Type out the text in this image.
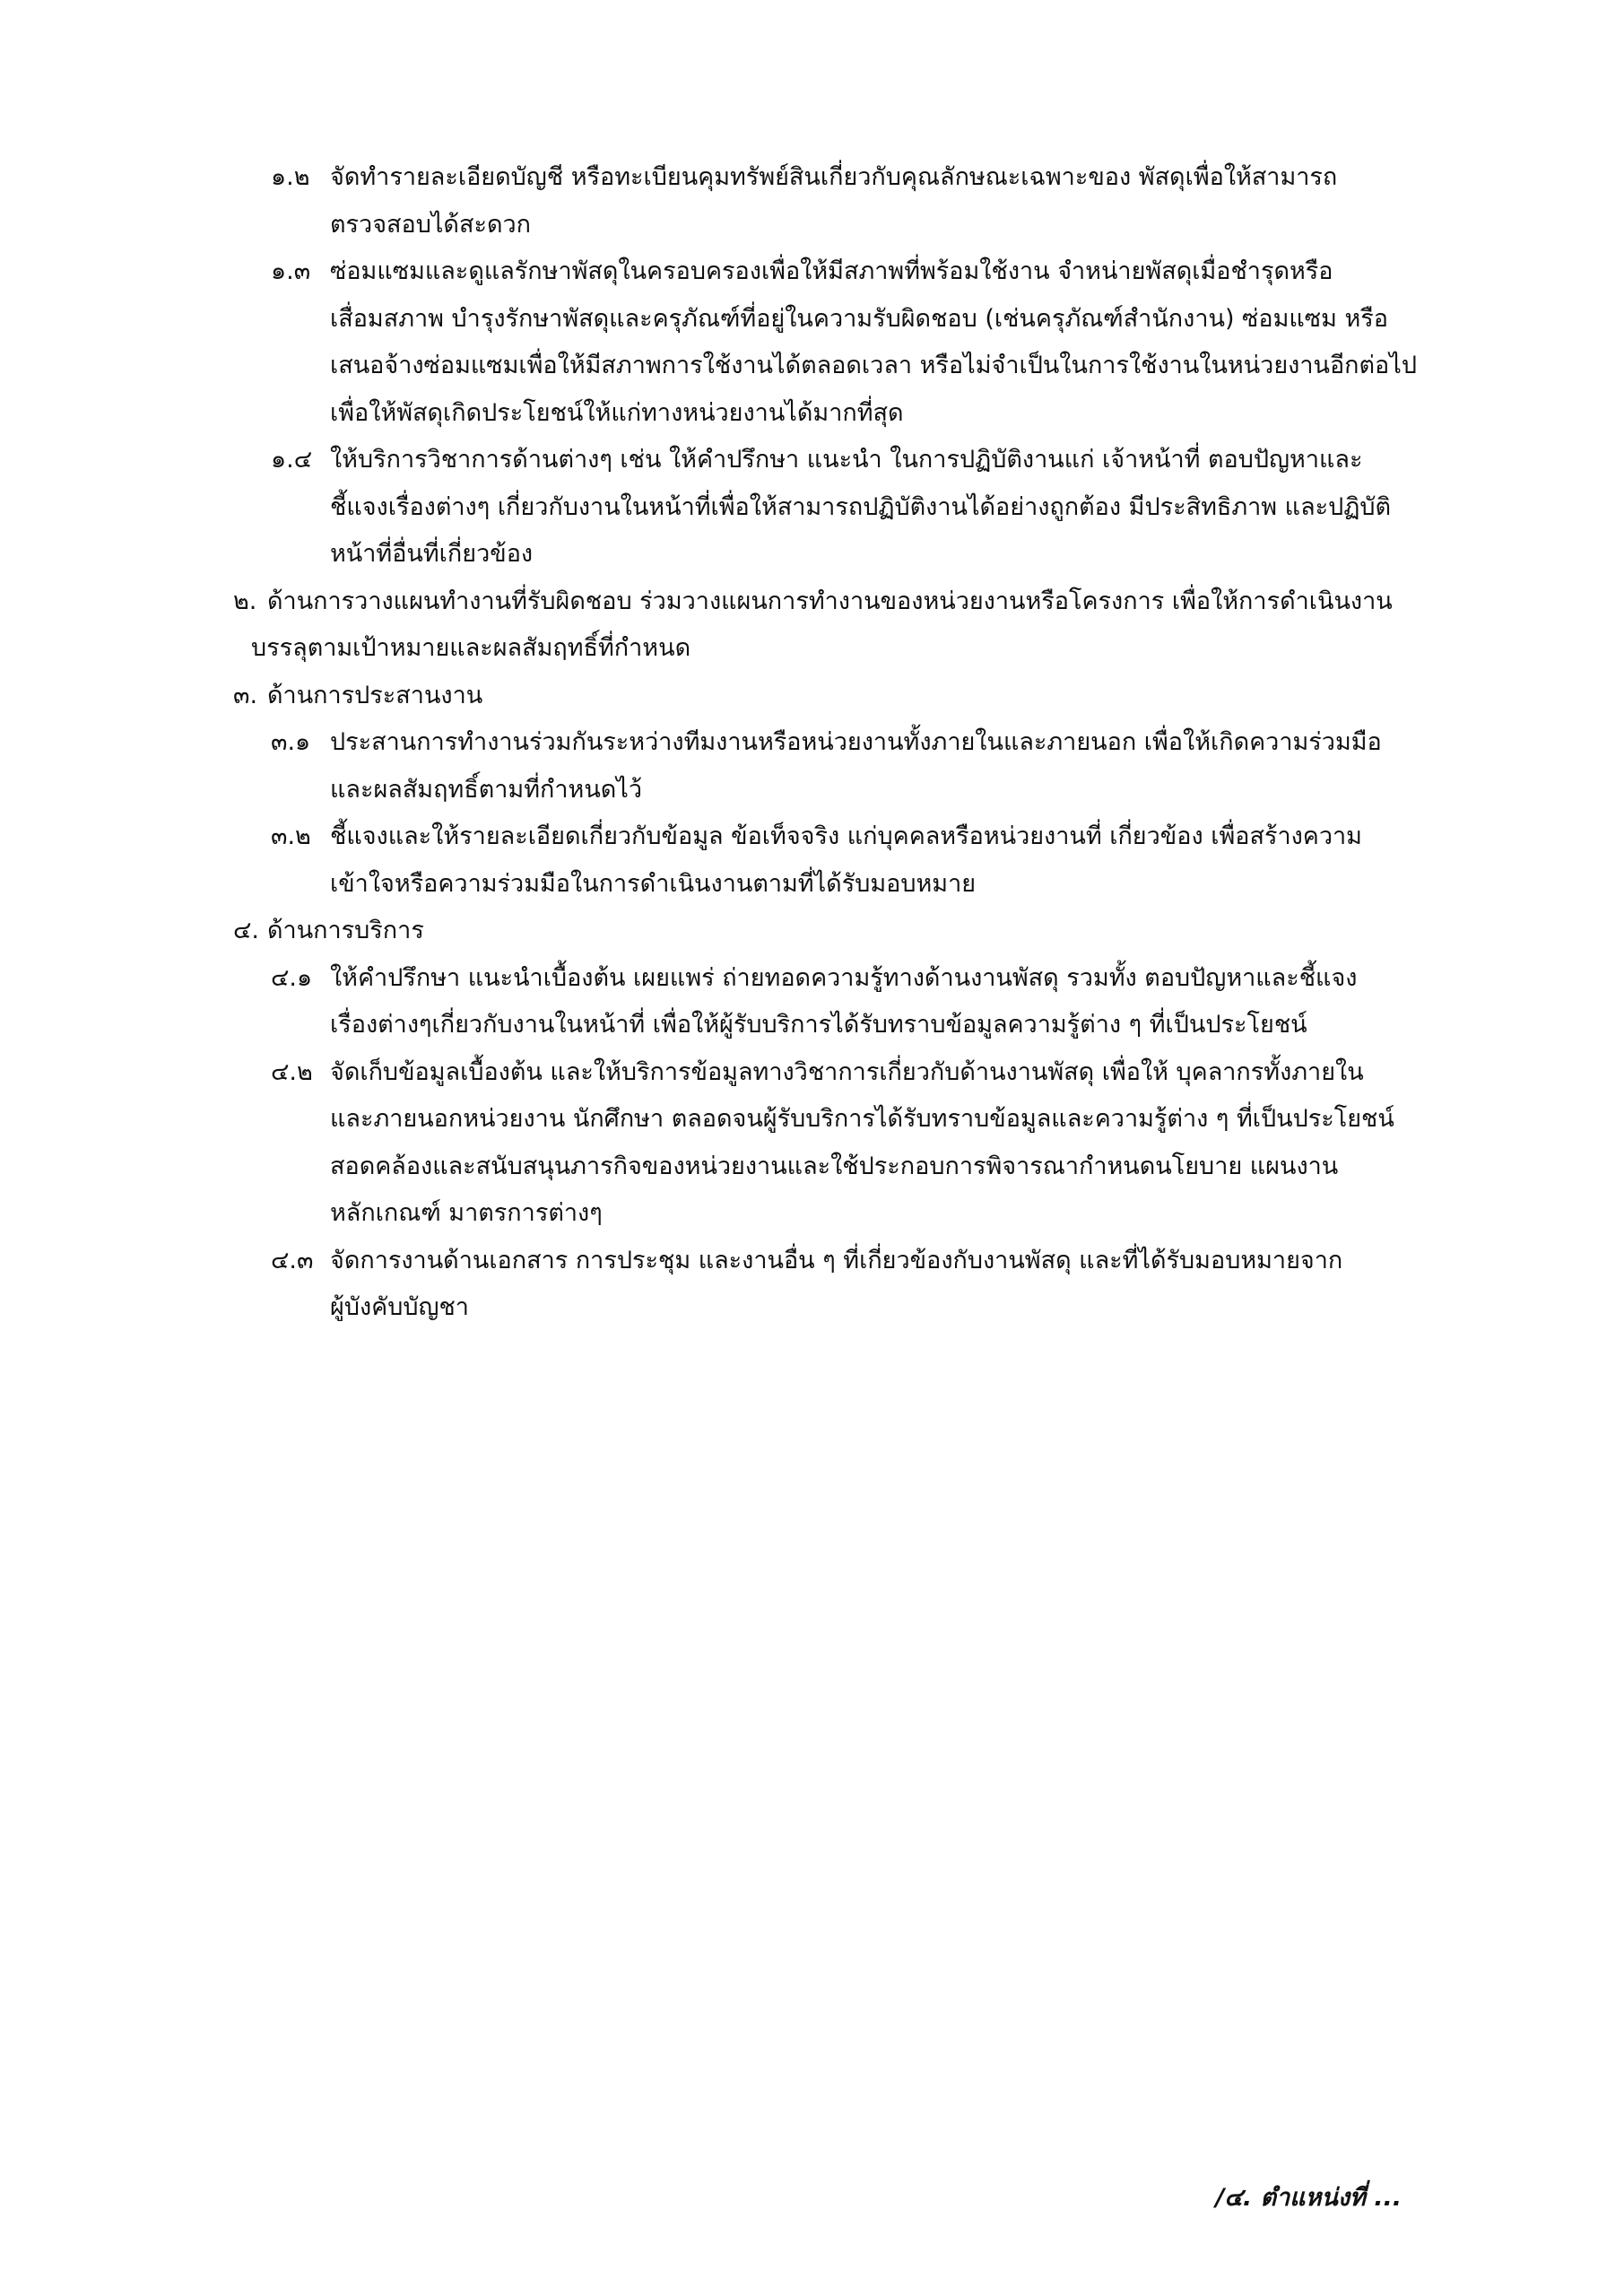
๑.๒ จัดทำรายละเอียดบัญชี หรือทะเบียนคุมทรัพย์สินเกี่ยวกับคุณลักษณะเฉพาะของ พัสดุเพื่อให้สามารถ
ตรวจสอบได้สะดวก
๑.๓ ซ่อมแซมและดูแลรักษาพัสดุในครอบครองเพื่อให้มีสภาพที่พร้อมใช้งาน จำหน่ายพัสดุเมื่อชำรุดหรือ
เสื่อมสภาพ บำรุงรักษาพัสดุและครุภัณฑ์ที่อยู่ในความรับผิดชอบ (เช่นครุภัณฑ์สำนักงาน) ซ่อมแซม หรือ
เสนอจ้างซ่อมแซมเพื่อให้มีสภาพการใช้งานได้ตลอดเวลา หรือไม่จำเป็นในการใช้งานในหน่วยงานอีกต่อไป
เพื่อให้พัสดุเกิดประโยชน์ให้แก่ทางหน่วยงานได้มากที่สุด
๑.๔ ให้บริการวิชาการด้านต่างๆ เช่น ให้คำปรึกษา แนะนำ ในการปฏิบัติงานแก่ เจ้าหน้าที่ ตอบปัญหาและ
ชี้แจงเรื่องต่างๆ เกี่ยวกับงานในหน้าที่เพื่อให้สามารถปฏิบัติงานได้อย่างถูกต้อง มีประสิทธิภาพ และปฏิบัติ
หน้าที่อื่นที่เกี่ยวข้อง
๒. ด้านการวางแผนทำงานที่รับผิดชอบ ร่วมวางแผนการทำงานของหน่วยงานหรือโครงการ เพื่อให้การดำเนินงาน
บรรลุตามเป้าหมายและผลสัมฤทธิ์ที่กำหนด
๓. ด้านการประสานงาน
๓.๑ ประสานการทำงานร่วมกันระหว่างทีมงานหรือหน่วยงานทั้งภายในและภายนอก เพื่อให้เกิดความร่วมมือ
และผลสัมฤทธิ์ตามที่กำหนดไว้
๓.๒ ชี้แจงและให้รายละเอียดเกี่ยวกับข้อมูล ข้อเท็จจริง แก่บุคคลหรือหน่วยงานที่ เกี่ยวข้อง เพื่อสร้างความ
เข้าใจหรือความร่วมมือในการดำเนินงานตามที่ได้รับมอบหมาย
๔. ด้านการบริการ
๔.๑ ให้คำปรึกษา แนะนำเบื้องต้น เผยแพร่ ถ่ายทอดความรู้ทางด้านงานพัสดุ รวมทั้ง ตอบปัญหาและชี้แจง
เรื่องต่างๆเกี่ยวกับงานในหน้าที่ เพื่อให้ผู้รับบริการได้รับทราบข้อมูลความรู้ต่าง ๆ ที่เป็นประโยชน์
๔.๒ จัดเก็บข้อมูลเบื้องต้น และให้บริการข้อมูลทางวิชาการเกี่ยวกับด้านงานพัสดุ เพื่อให้ บุคลากรทั้งภายใน
และภายนอกหน่วยงาน นักศึกษา ตลอดจนผู้รับบริการได้รับทราบข้อมูลและความรู้ต่าง ๆ ที่เป็นประโยชน์
สอดคล้องและสนับสนุนภารกิจของหน่วยงานและใช้ประกอบการพิจารณากำหนดนโยบาย แผนงาน
หลักเกณฑ์ มาตรการต่างๆ
๔.๓ จัดการงานด้านเอกสาร การประชุม และงานอื่น ๆ ที่เกี่ยวข้องกับงานพัสดุ และที่ได้รับมอบหมายจาก
ผู้บังคับบัญชา
/๔. ตำแหน่งที่ ...
